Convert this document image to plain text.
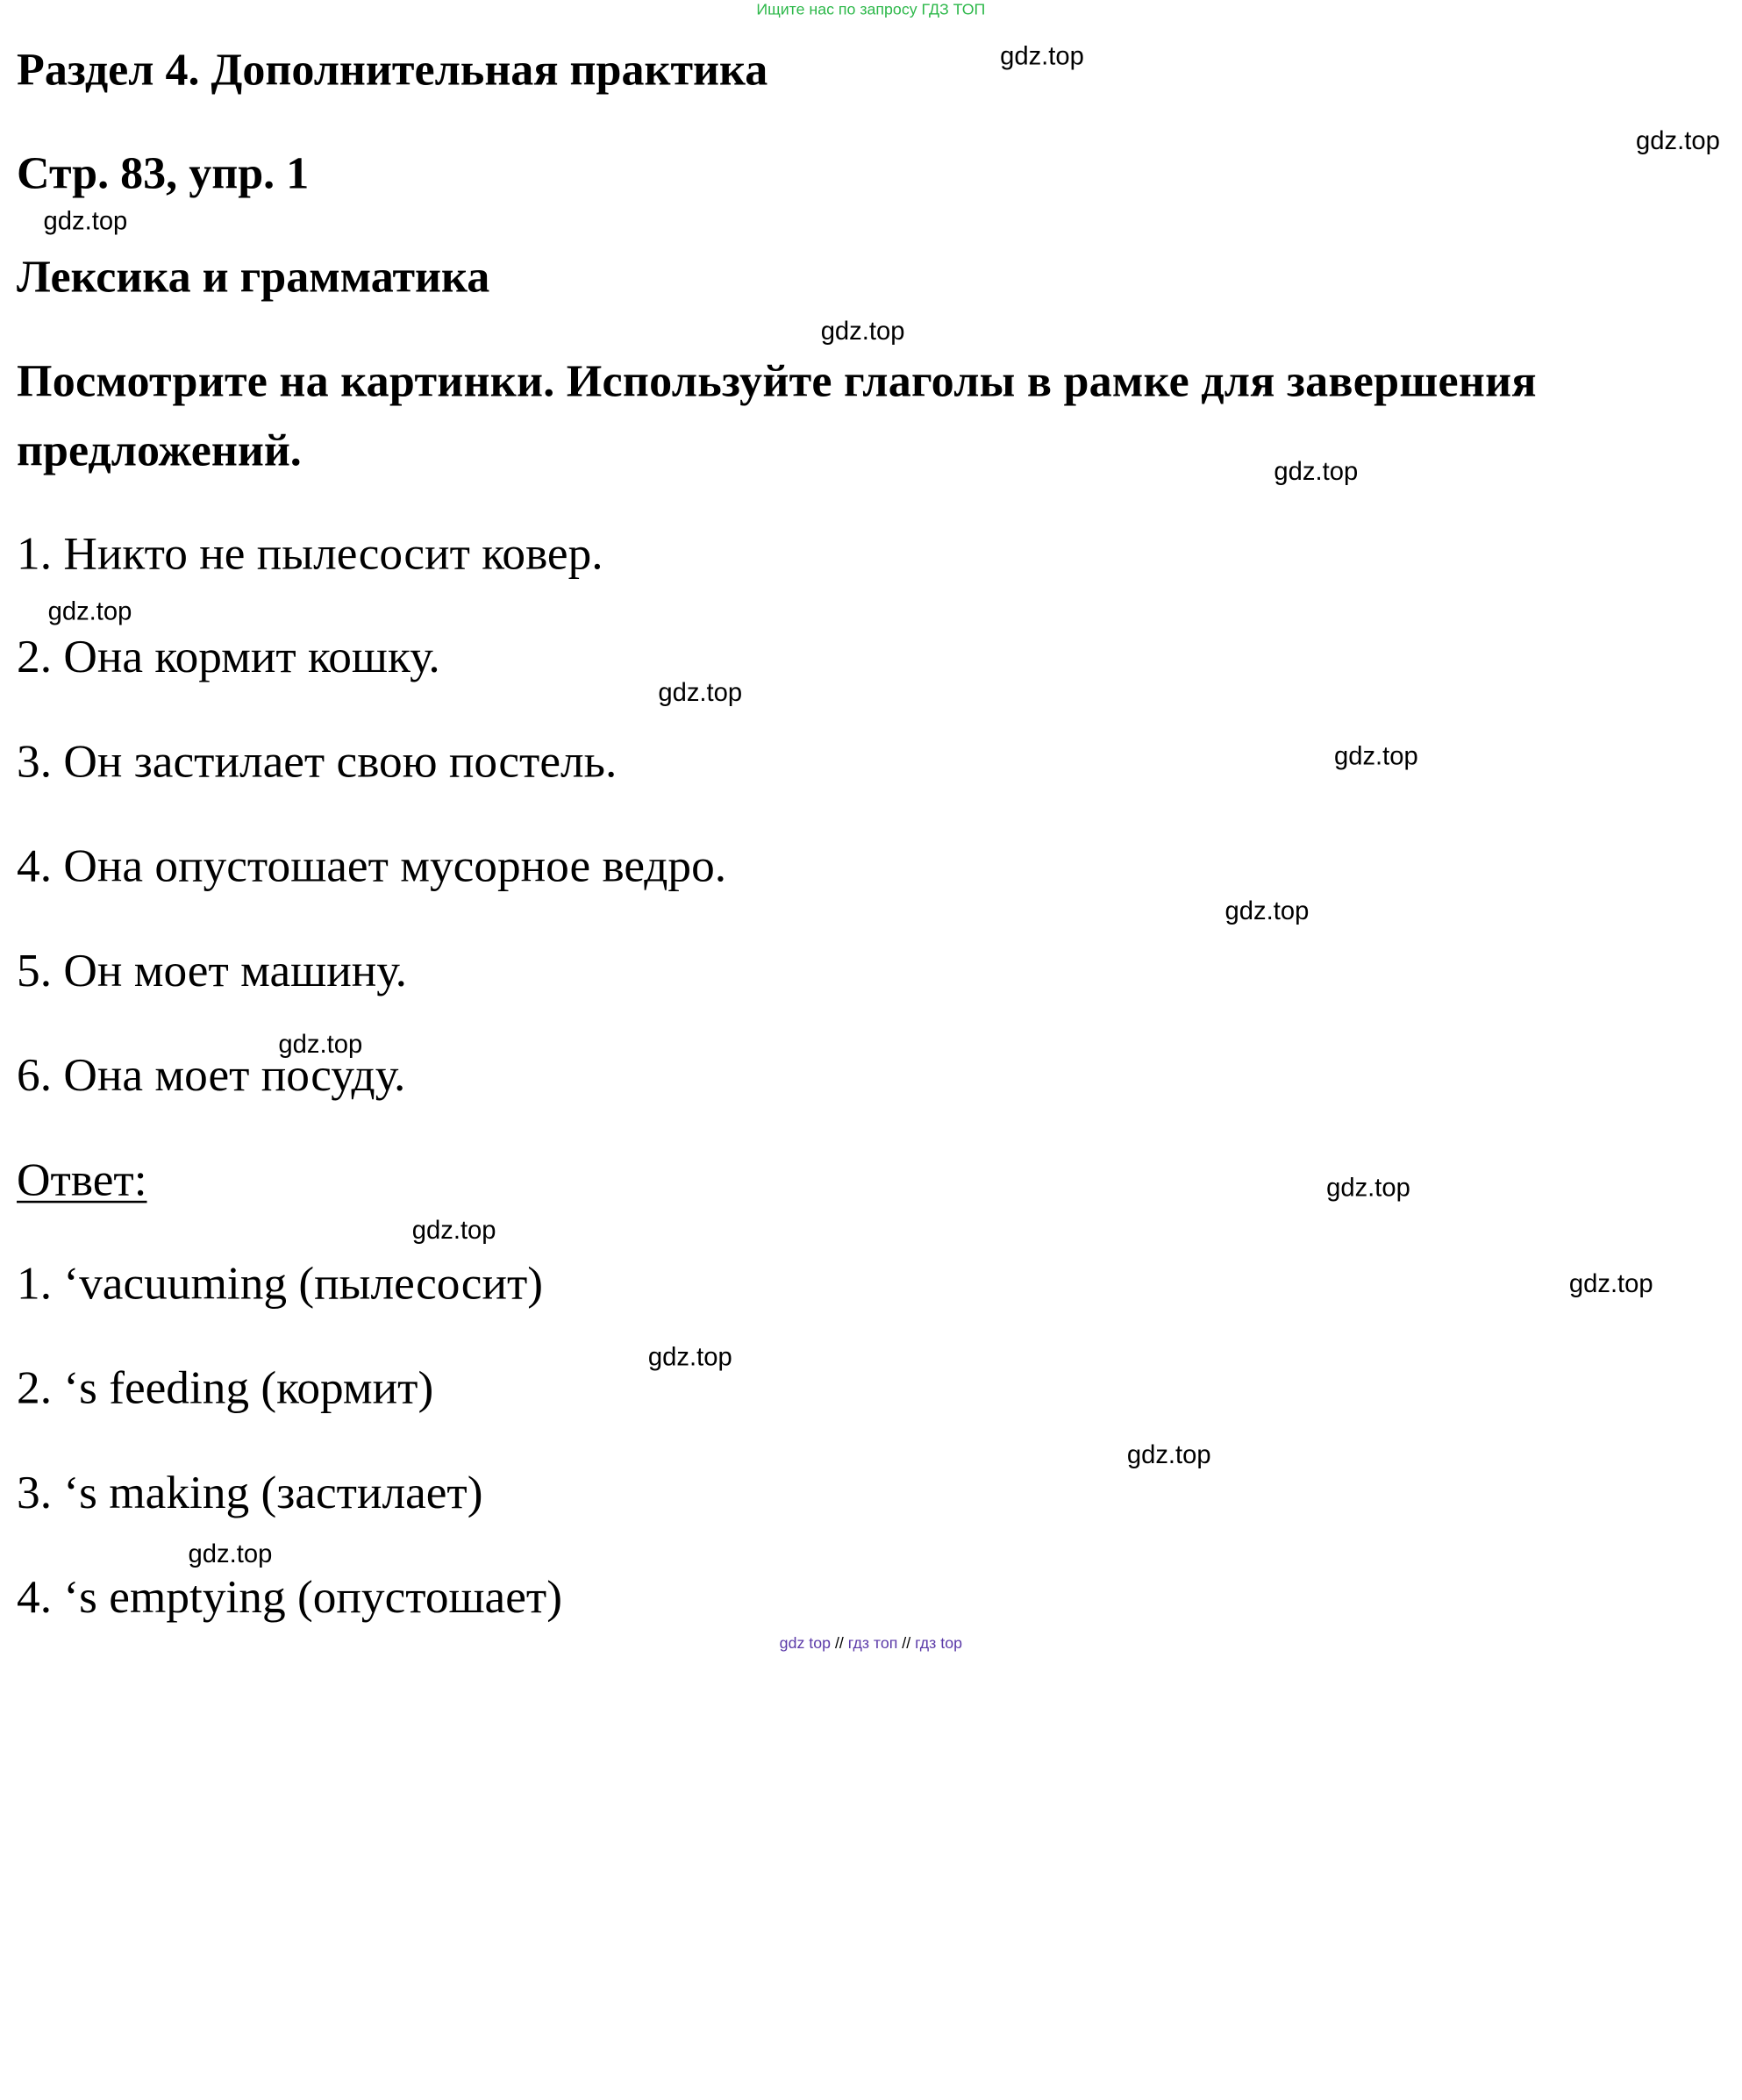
Ищите нас по запросу ГДЗ ТОП
Раздел 4. Дополнительная практика
Стр. 83, упр. 1
Лексика и грамматика

Посмотрите на картинки. Используйте глаголы в рамке для завершения

предложений.

1. Никто не пылесосит ковер.

2. Она кормит кошку.

3. Он застилает свою постель.

4. Она опустошает мусорное ведро.

5. Он моет машину.

6. Она моет посуду.

Ответ:

1. ‘vacuuming (пылесосит)

2. ‘s feeding (кормит)

3. ‘s making (застилает)

4. ‘s emptying (опустошает)

gdz.top
gdz.top
gdz.top
gdz.top
gdz.top
gdz.top
gdz.top
gdz.top
gdz.top
gdz.top
gdz.top
gdz.top
gdz.top
gdz.top
gdz.top
gdz.top
gdz top // гдз топ // гдз top
